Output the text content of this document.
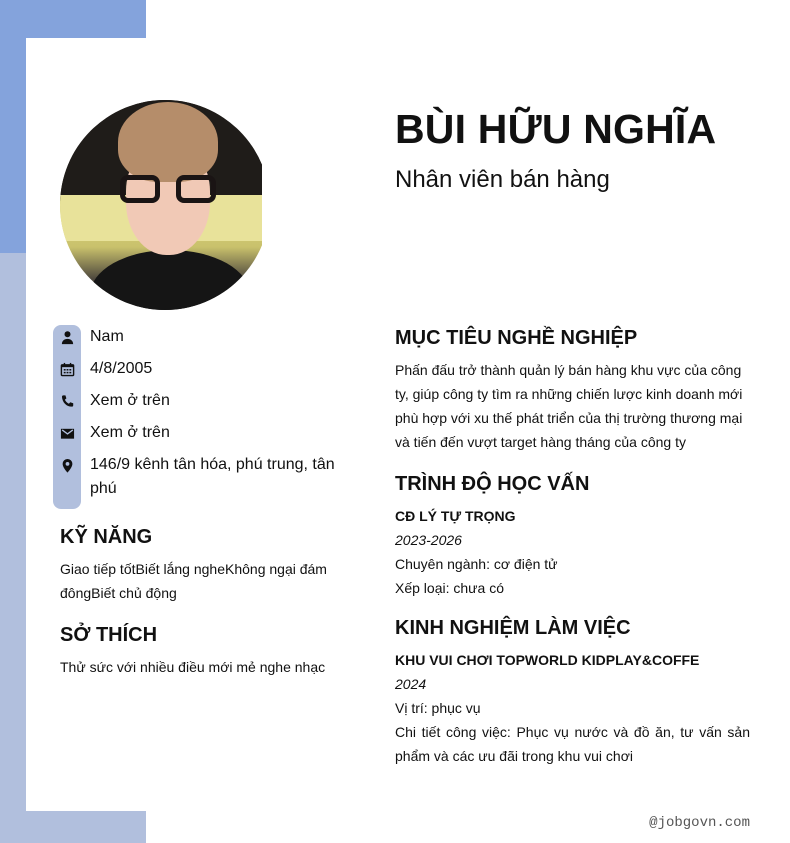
BÙI HỮU NGHĨA
Nhân viên bán hàng
Nam
4/8/2005
Xem ở trên
Xem ở trên
146/9 kênh tân hóa, phú trung, tân phú
KỸ NĂNG

Giao tiếp tốtBiết lắng ngheKhông ngại đám đôngBiết chủ động

SỞ THÍCH

Thử sức với nhiều điều mới mẻ nghe nhạc

MỤC TIÊU NGHỀ NGHIỆP

Phấn đấu trở thành quản lý bán hàng khu vực của công ty, giúp công ty tìm ra những chiến lược kinh doanh mới phù hợp với xu thế phát triển của thị trường thương mại và tiến đến vượt target hàng tháng của công ty

TRÌNH ĐỘ HỌC VẤN

CĐ LÝ TỰ TRỌNG

2023-2026

Chuyên ngành: cơ điện tử

Xếp loại: chưa có

KINH NGHIỆM LÀM VIỆC

KHU VUI CHƠI TOPWORLD KIDPLAY&COFFE

2024

Vị trí: phục vụ

Chi tiết công việc: Phục vụ nước và đồ ăn, tư vấn sản phẩm và các ưu đãi trong khu vui chơi

@jobgovn.com
